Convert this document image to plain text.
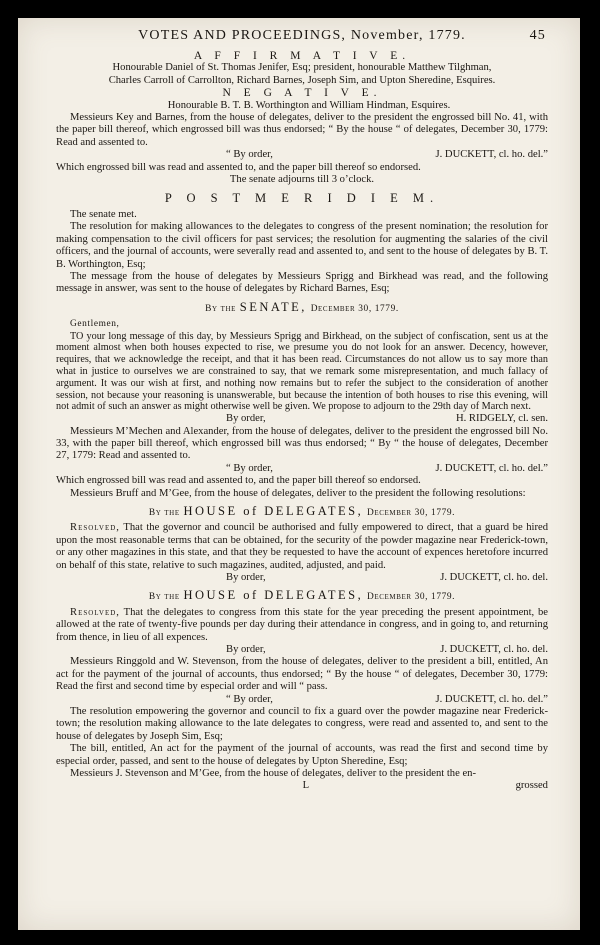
VOTES AND PROCEEDINGS, November, 1779.	45
A F F I R M A T I V E.

Honourable Daniel of St. Thomas Jenifer, Esq; president, honourable Matthew Tilghman,

Charles Carroll of Carrollton, Richard Barnes, Joseph Sim, and Upton Sheredine, Esquires.

N E G A T I V E.

Honourable B. T. B. Worthington and William Hindman, Esquires.

Messieurs Key and Barnes, from the house of delegates, deliver to the president the engrossed bill No. 41, with the paper bill thereof, which engrossed bill was thus endorsed; “ By the house “ of delegates, December 30, 1779: Read and assented to.

“ By order,	J. DUCKETT, cl. ho. del.”

Which engrossed bill was read and assented to, and the paper bill thereof so endorsed.

The senate adjourns till 3 o’clock.

P O S T M E R I D I E M.

The senate met.

The resolution for making allowances to the delegates to congress of the present nomination; the resolution for making compensation to the civil officers for past services; the resolution for augmenting the salaries of the civil officers, and the journal of accounts, were severally read and assented to, and sent to the house of delegates by B. T. B. Worthington, Esq;

The message from the house of delegates by Messieurs Sprigg and Birkhead was read, and the following message in answer, was sent to the house of delegates by Richard Barnes, Esq;

By the SENATE, December 30, 1779.

Gentlemen,

TO your long message of this day, by Messieurs Sprigg and Birkhead, on the subject of confiscation, sent us at the moment almost when both houses expected to rise, we presume you do not look for an answer. Decency, however, requires, that we acknowledge the receipt, and that it has been read. Circumstances do not allow us to say more than what in justice to ourselves we are constrained to say, that we remark some misrepresentation, and much fallacy of argument. It was our wish at first, and nothing now remains but to refer the subject to the consideration of another session, not because your reasoning is unanswerable, but because the intention of both houses to rise this evening, will not admit of such an answer as might otherwise well be given. We propose to adjourn to the 29th day of March next.

By order,	H. RIDGELY, cl. sen.

Messieurs M’Mechen and Alexander, from the house of delegates, deliver to the president the engrossed bill No. 33, with the paper bill thereof, which engrossed bill was thus endorsed; “ By “ the house of delegates, December 27, 1779: Read and assented to.

“ By order,	J. DUCKETT, cl. ho. del.”

Which engrossed bill was read and assented to, and the paper bill thereof so endorsed.

Messieurs Bruff and M’Gee, from the house of delegates, deliver to the president the following resolutions:

By the HOUSE of DELEGATES, December 30, 1779.

Resolved, That the governor and council be authorised and fully empowered to direct, that a guard be hired upon the most reasonable terms that can be obtained, for the security of the powder magazine near Frederick-town, or any other magazines in this state, and that they be requested to have the account of expences heretofore incurred on behalf of this state, relative to such magazines, audited, adjusted, and paid.

By order,	J. DUCKETT, cl. ho. del.

By the HOUSE of DELEGATES, December 30, 1779.

Resolved, That the delegates to congress from this state for the year preceding the present appointment, be allowed at the rate of twenty-five pounds per day during their attendance in congress, and in going to, and returning from thence, in lieu of all expences.

By order,	J. DUCKETT, cl. ho. del.

Messieurs Ringgold and W. Stevenson, from the house of delegates, deliver to the president a bill, entitled, An act for the payment of the journal of accounts, thus endorsed; “ By the house “ of delegates, December 30, 1779: Read the first and second time by especial order and will “ pass.

“ By order,	J. DUCKETT, cl. ho. del.”

The resolution empowering the governor and council to fix a guard over the powder magazine near Frederick-town; the resolution making allowance to the late delegates to congress, were read and assented to, and sent to the house of delegates by Joseph Sim, Esq;

The bill, entitled, An act for the payment of the journal of accounts, was read the first and second time by especial order, passed, and sent to the house of delegates by Upton Sheredine, Esq;

Messieurs J. Stevenson and M’Gee, from the house of delegates, deliver to the president the en-

L	grossed
